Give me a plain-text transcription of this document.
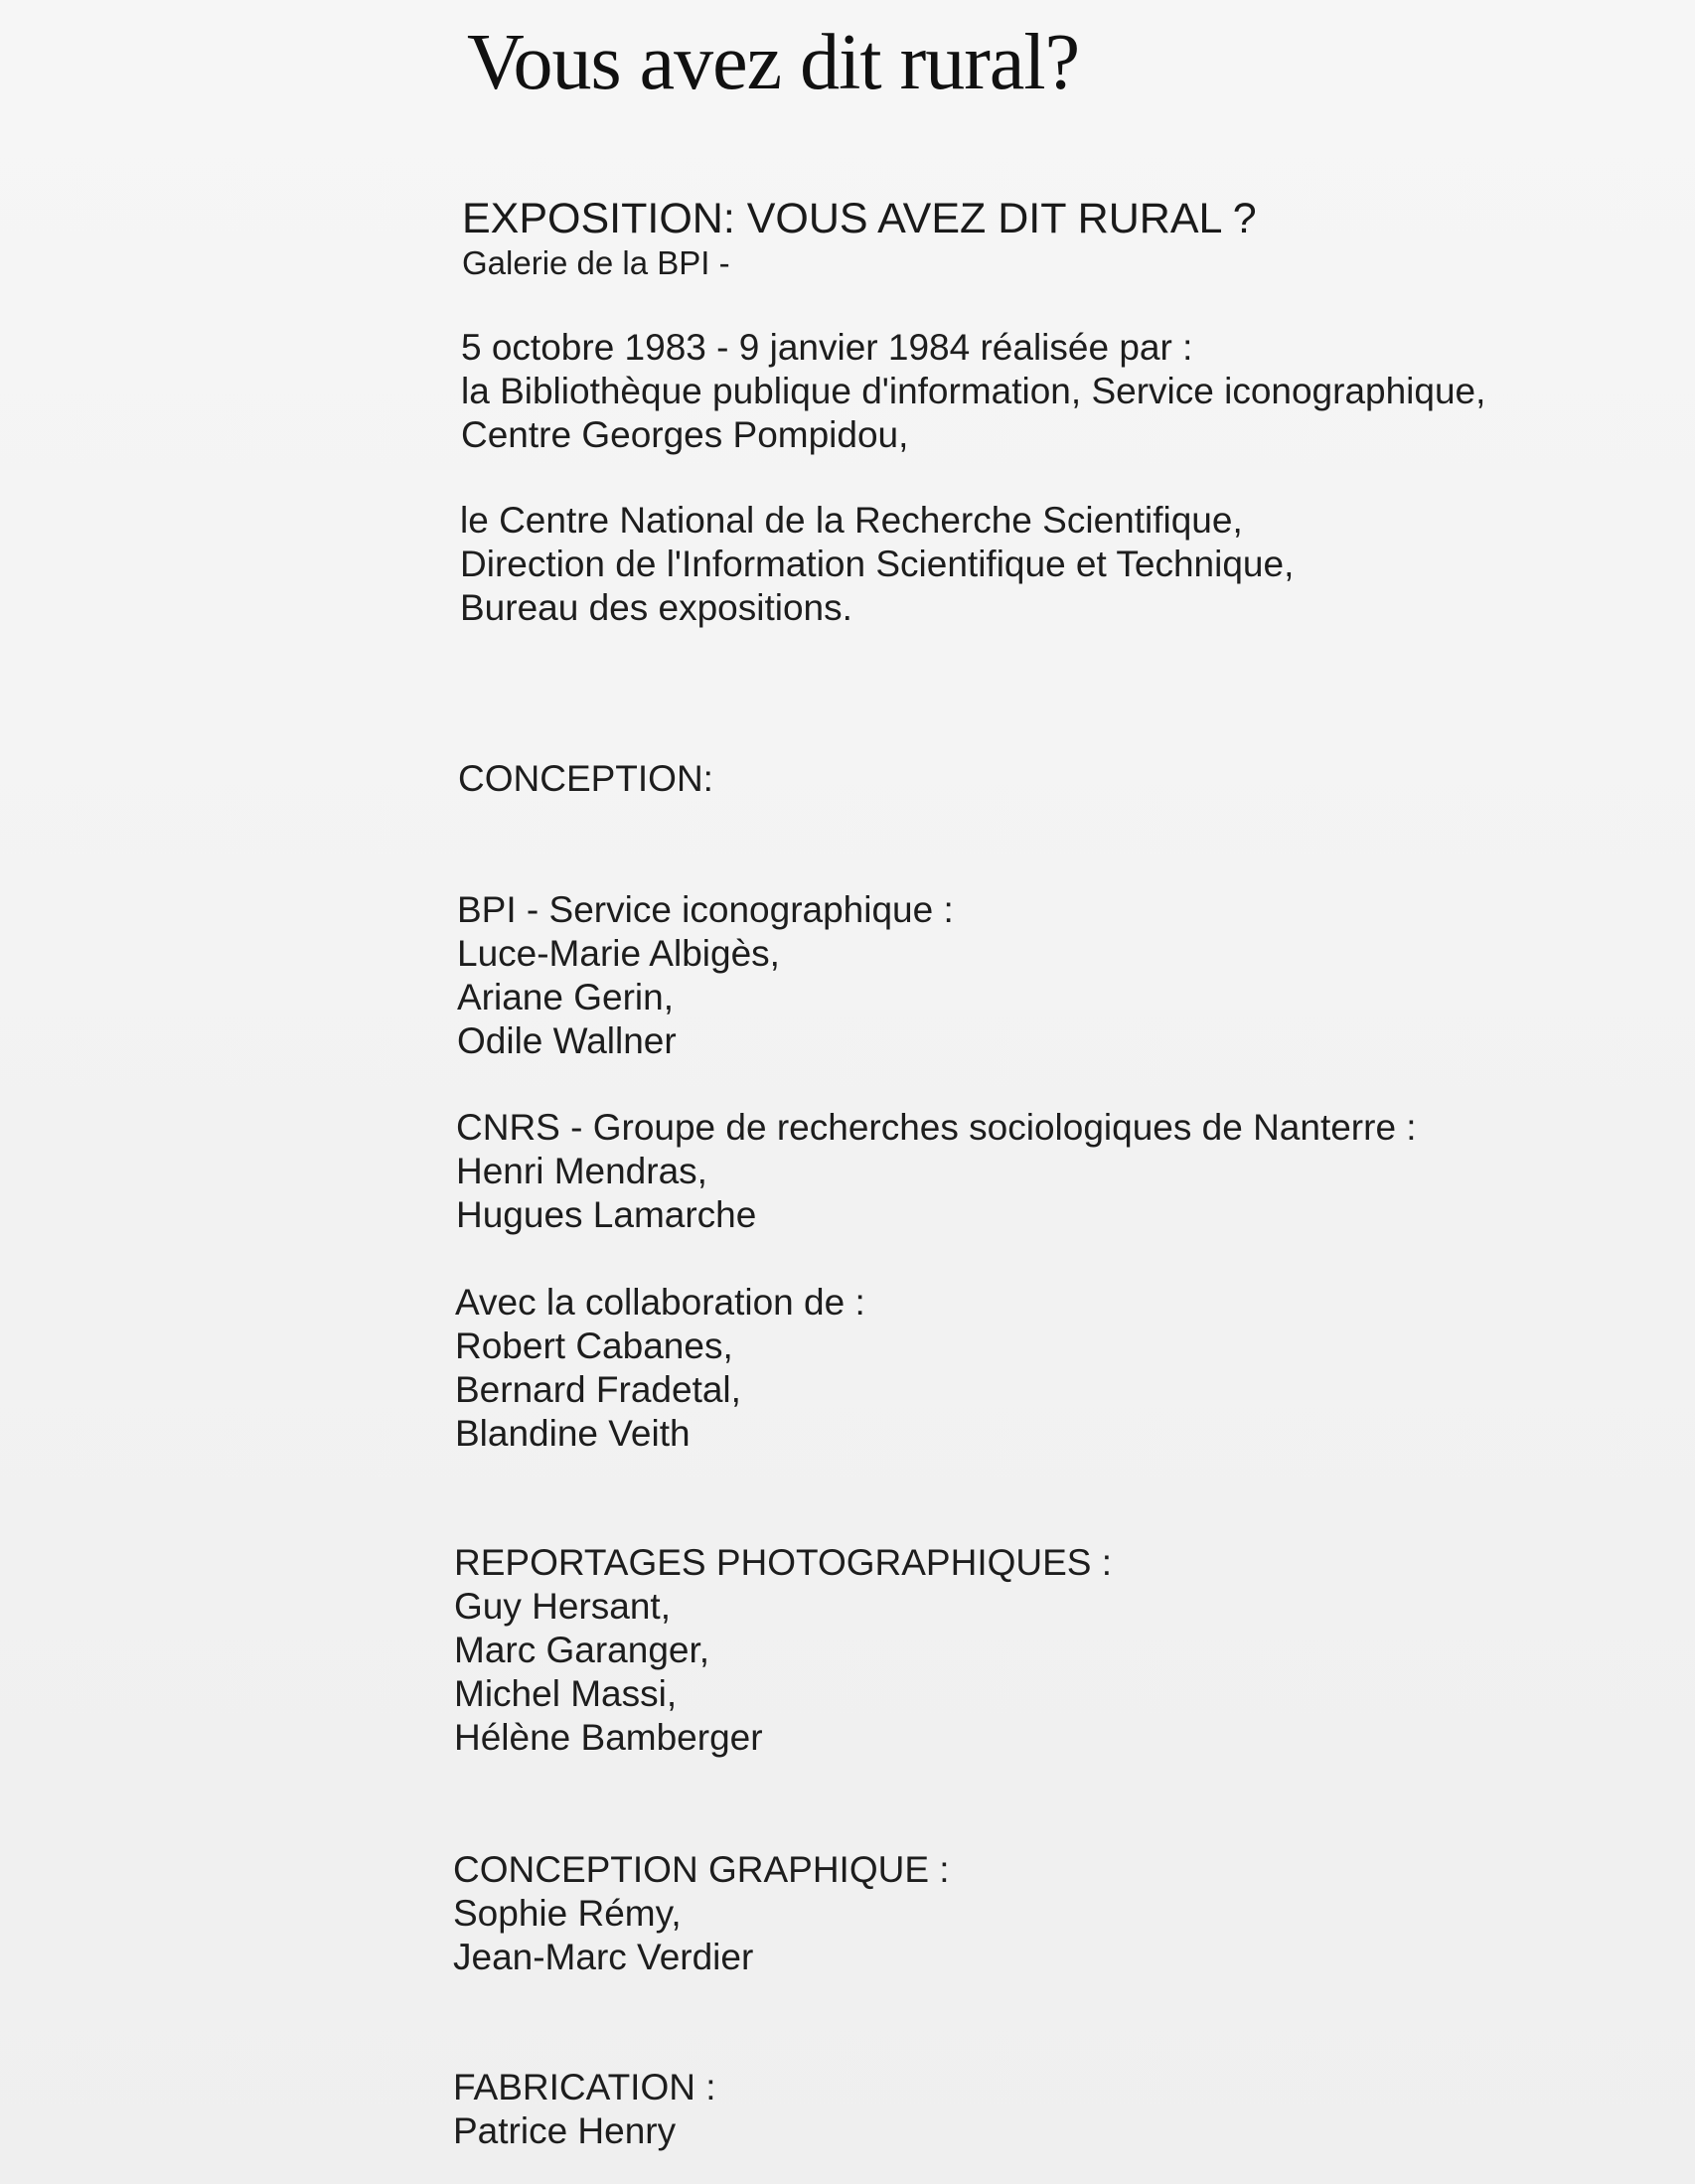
Vous avez dit rural?
EXPOSITION: VOUS AVEZ DIT RURAL ?
Galerie de la BPI -
5 octobre 1983 - 9 janvier 1984 réalisée par :
la Bibliothèque publique d'information, Service iconographique,
Centre Georges Pompidou,
le Centre National de la Recherche Scientifique,
Direction de l'Information Scientifique et Technique,
Bureau des expositions.
CONCEPTION:
BPI - Service iconographique :
Luce-Marie Albigès,
Ariane Gerin,
Odile Wallner
CNRS - Groupe de recherches sociologiques de Nanterre :
Henri Mendras,
Hugues Lamarche
Avec la collaboration de :
Robert Cabanes,
Bernard Fradetal,
Blandine Veith
REPORTAGES PHOTOGRAPHIQUES :
Guy Hersant,
Marc Garanger,
Michel Massi,
Hélène Bamberger
CONCEPTION GRAPHIQUE :
Sophie Rémy,
Jean-Marc Verdier
FABRICATION :
Patrice Henry
